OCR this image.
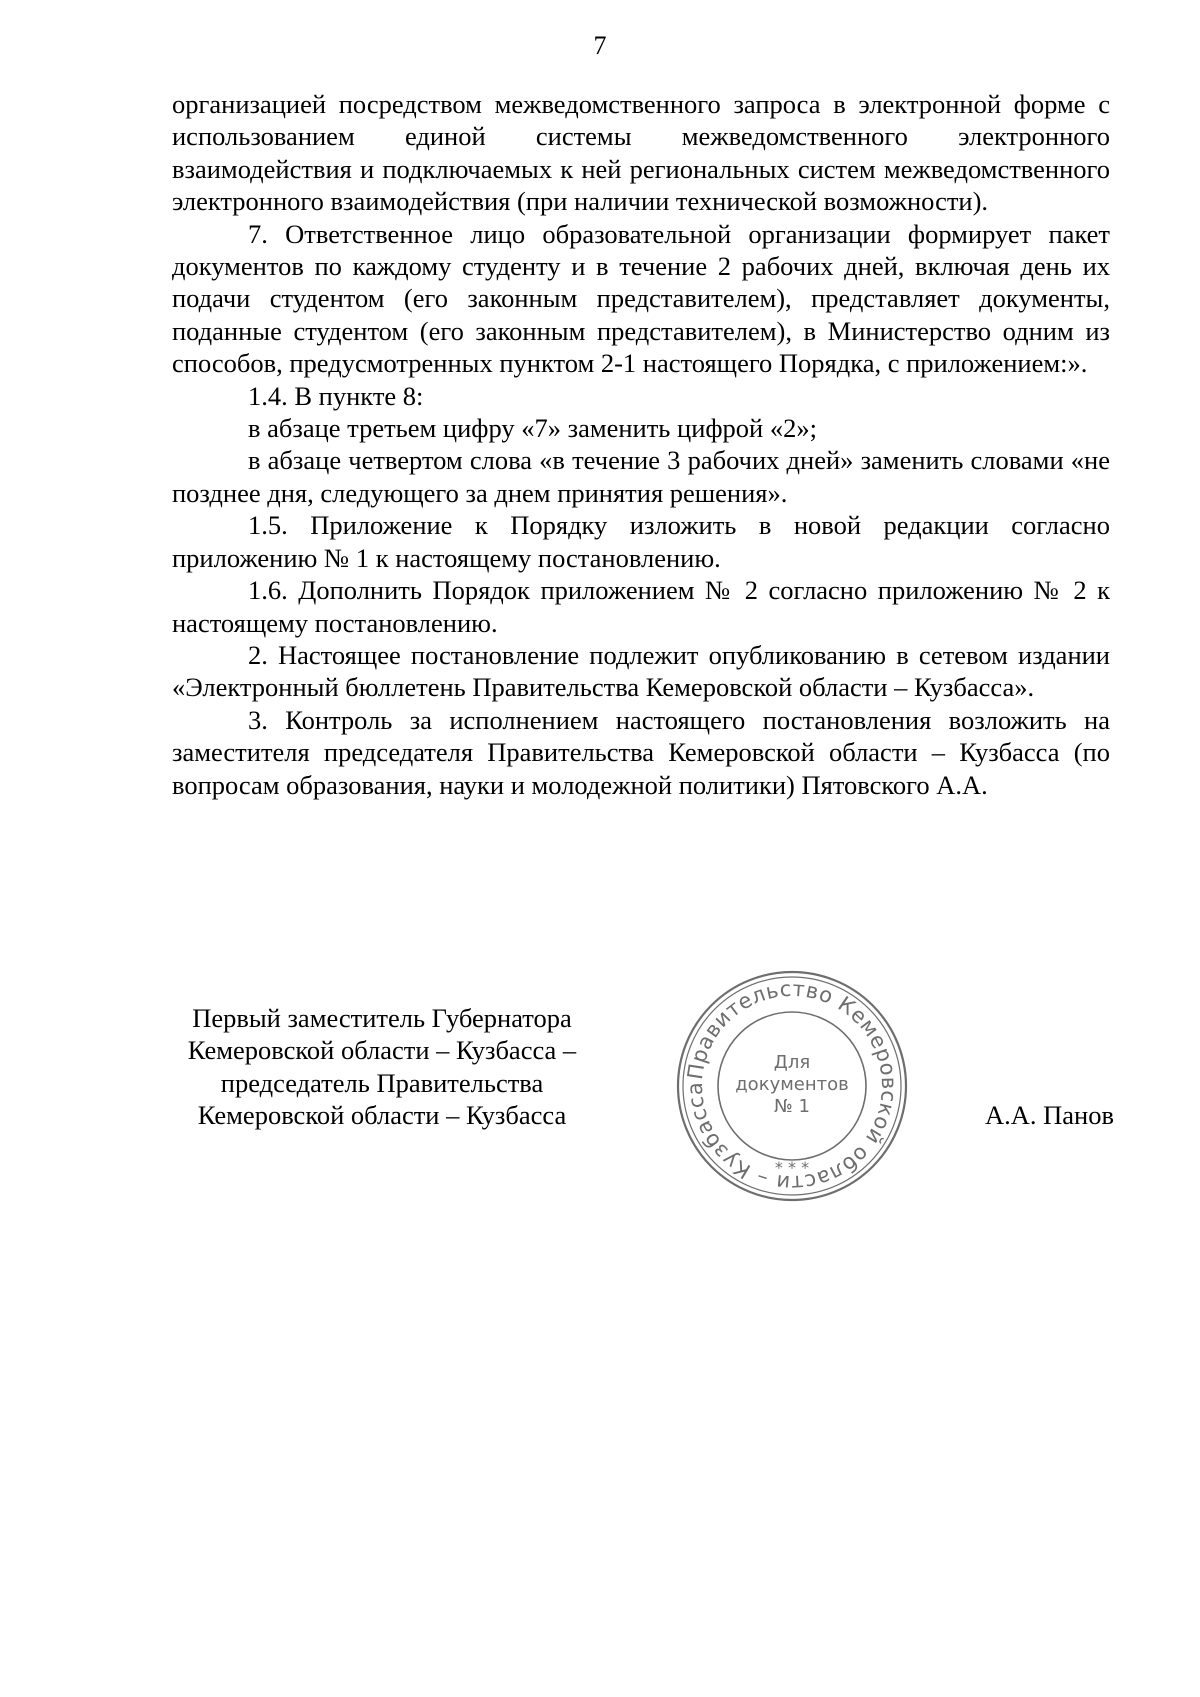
7

организацией посредством межведомственного запроса в электронной форме с использованием единой системы межведомственного электронного взаимодействия и подключаемых к ней региональных систем межведомственного электронного взаимодействия (при наличии технической возможности).

7. Ответственное лицо образовательной организации формирует пакет документов по каждому студенту и в течение 2 рабочих дней, включая день их подачи студентом (его законным представителем), представляет документы, поданные студентом (его законным представителем), в Министерство одним из способов, предусмотренных пунктом 2-1 настоящего Порядка, с приложением:».

1.4. В пункте 8:

в абзаце третьем цифру «7» заменить цифрой «2»;

в абзаце четвертом слова «в течение 3 рабочих дней» заменить словами «не позднее дня, следующего за днем принятия решения».

1.5. Приложение к Порядку изложить в новой редакции согласно приложению № 1 к настоящему постановлению.

1.6. Дополнить Порядок приложением № 2 согласно приложению № 2 к настоящему постановлению.

2. Настоящее постановление подлежит опубликованию в сетевом издании «Электронный бюллетень Правительства Кемеровской области – Кузбасса».

3. Контроль за исполнением настоящего постановления возложить на заместителя председателя Правительства Кемеровской области – Кузбасса (по вопросам образования, науки и молодежной политики) Пятовского А.А.

Первый заместитель Губернатора
Кемеровской области – Кузбасса –
председатель Правительства
Кемеровской области – Кузбасса
Правительство Кемеровской области – Кузбасса
Для
документов
№ 1
* * *
А.А. Панов
